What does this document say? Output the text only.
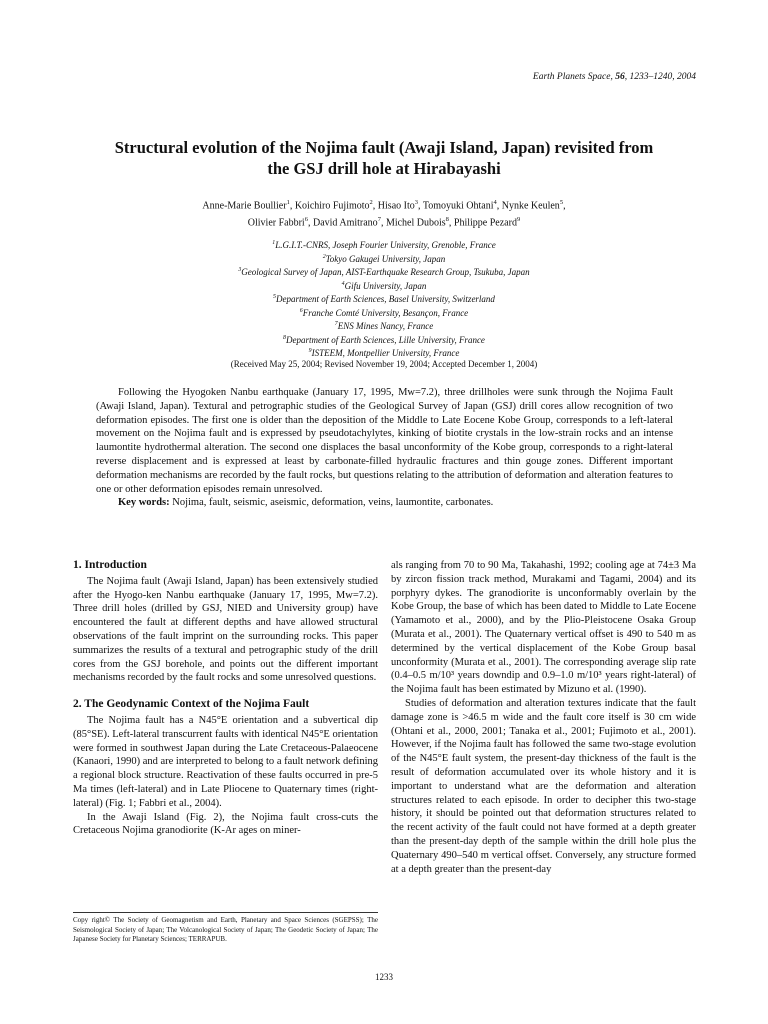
Earth Planets Space, 56, 1233–1240, 2004
Structural evolution of the Nojima fault (Awaji Island, Japan) revisited from
the GSJ drill hole at Hirabayashi
Anne-Marie Boullier$^1$, Koichiro Fujimoto$^2$, Hisao Ito$^3$, Tomoyuki Ohtani$^4$, Nynke Keulen$^5$,
Olivier Fabbri$^6$, David Amitrano$^7$, Michel Dubois$^8$, Philippe Pezard$^9$
$^1$L.G.I.T.-CNRS, Joseph Fourier University, Grenoble, France
$^2$Tokyo Gakugei University, Japan
$^3$Geological Survey of Japan, AIST-Earthquake Research Group, Tsukuba, Japan
$^4$Gifu University, Japan
$^5$Department of Earth Sciences, Basel University, Switzerland
$^6$Franche Comté University, Besançon, France
$^7$ENS Mines Nancy, France
$^8$Department of Earth Sciences, Lille University, France
$^9$ISTEEM, Montpellier University, France
(Received May 25, 2004; Revised November 19, 2004; Accepted December 1, 2004)

Following the Hyogoken Nanbu earthquake (January 17, 1995, Mw=7.2), three drillholes were sunk through the Nojima Fault (Awaji Island, Japan). Textural and petrographic studies of the Geological Survey of Japan (GSJ) drill cores allow recognition of two deformation episodes. The first one is older than the deposition of the Middle to Late Eocene Kobe Group, corresponds to a left-lateral movement on the Nojima fault and is expressed by pseudotachylytes, kinking of biotite crystals in the low-strain rocks and an intense laumontite hydrothermal alteration. The second one displaces the basal unconformity of the Kobe group, corresponds to a right-lateral reverse displacement and is expressed at least by carbonate-filled hydraulic fractures and thin gouge zones. Different important deformation mechanisms are recorded by the fault rocks, but questions relating to the attribution of deformation and alteration features to one or other deformation episodes remain unresolved.

Key words: Nojima, fault, seismic, aseismic, deformation, veins, laumontite, carbonates.

1. Introduction

The Nojima fault (Awaji Island, Japan) has been extensively studied after the Hyogo-ken Nanbu earthquake (January 17, 1995, Mw=7.2). Three drill holes (drilled by GSJ, NIED and University group) have encountered the fault at different depths and have allowed structural observations of the fault imprint on the surrounding rocks. This paper summarizes the results of a textural and petrographic study of the drill cores from the GSJ borehole, and points out the different important mechanisms recorded by the fault rocks and some unresolved questions.

2. The Geodynamic Context of the Nojima Fault

The Nojima fault has a N45°E orientation and a subvertical dip (85°SE). Left-lateral transcurrent faults with identical N45°E orientation were formed in southwest Japan during the Late Cretaceous-Palaeocene (Kanaori, 1990) and are interpreted to belong to a fault network defining a regional block structure. Reactivation of these faults occurred in pre-5 Ma times (left-lateral) and in Late Pliocene to Quaternary times (right-lateral) (Fig. 1; Fabbri et al., 2004).

In the Awaji Island (Fig. 2), the Nojima fault cross-cuts the Cretaceous Nojima granodiorite (K-Ar ages on miner-

als ranging from 70 to 90 Ma, Takahashi, 1992; cooling age at 74±3 Ma by zircon fission track method, Murakami and Tagami, 2004) and its porphyry dykes. The granodiorite is unconformably overlain by the Kobe Group, the base of which has been dated to Middle to Late Eocene (Yamamoto et al., 2000), and by the Plio-Pleistocene Osaka Group (Murata et al., 2001). The Quaternary vertical offset is 490 to 540 m as determined by the vertical displacement of the Kobe Group basal unconformity (Murata et al., 2001). The corresponding average slip rate (0.4–0.5 m/10³ years downdip and 0.9–1.0 m/10³ years right-lateral) of the Nojima fault has been estimated by Mizuno et al. (1990).

Studies of deformation and alteration textures indicate that the fault damage zone is >46.5 m wide and the fault core itself is 30 cm wide (Ohtani et al., 2000, 2001; Tanaka et al., 2001; Fujimoto et al., 2001). However, if the Nojima fault has followed the same two-stage evolution of the N45°E fault system, the present-day thickness of the fault is the result of deformation accumulated over its whole history and it is important to understand what are the deformation and alteration structures related to each episode. In order to decipher this two-stage history, it should be pointed out that deformation structures related to the recent activity of the fault could not have formed at a depth greater than the present-day depth of the sample within the drill hole plus the Quaternary 490–540 m vertical offset. Conversely, any structure formed at a depth greater than the present-day

Copy right© The Society of Geomagnetism and Earth, Planetary and Space Sciences (SGEPSS); The Seismological Society of Japan; The Volcanological Society of Japan; The Geodetic Society of Japan; The Japanese Society for Planetary Sciences; TERRAPUB.
1233
